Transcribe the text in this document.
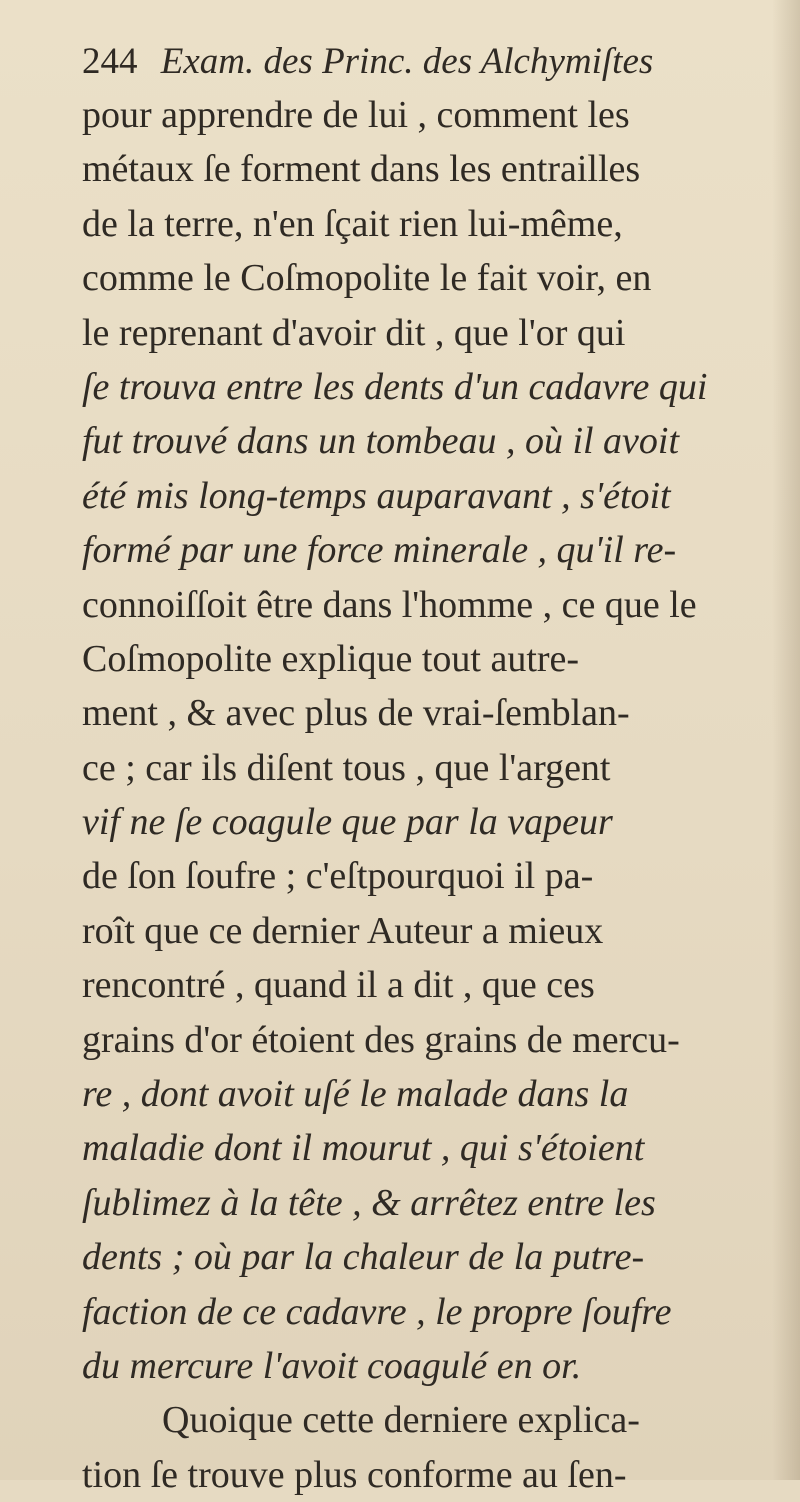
244 Exam. des Princ. des Alchymiſtes
pour apprendre de lui , comment les
métaux ſe forment dans les entrailles
de la terre, n'en ſçait rien lui-même,
comme le Coſmopolite le fait voir, en
le reprenant d'avoir dit , que l'or qui
ſe trouva entre les dents d'un cadavre qui
fut trouvé dans un tombeau , où il avoit
été mis long-temps auparavant , s'étoit
formé par une force minerale , qu'il re-
connoiſſoit être dans l'homme , ce que le
Coſmopolite explique tout autre-
ment , & avec plus de vrai-ſemblan-
ce ; car ils diſent tous , que l'argent
vif ne ſe coagule que par la vapeur
de ſon ſoufre ; c'eſtpourquoi il pa-
roît que ce dernier Auteur a mieux
rencontré , quand il a dit , que ces
grains d'or étoient des grains de mercu-
re , dont avoit uſé le malade dans la
maladie dont il mourut , qui s'étoient
ſublimez à la tête , & arrêtez entre les
dents ; où par la chaleur de la putre-
faction de ce cadavre , le propre ſoufre
du mercure l'avoit coagulé en or.
Quoique cette derniere explica-
tion ſe trouve plus conforme au ſen-
